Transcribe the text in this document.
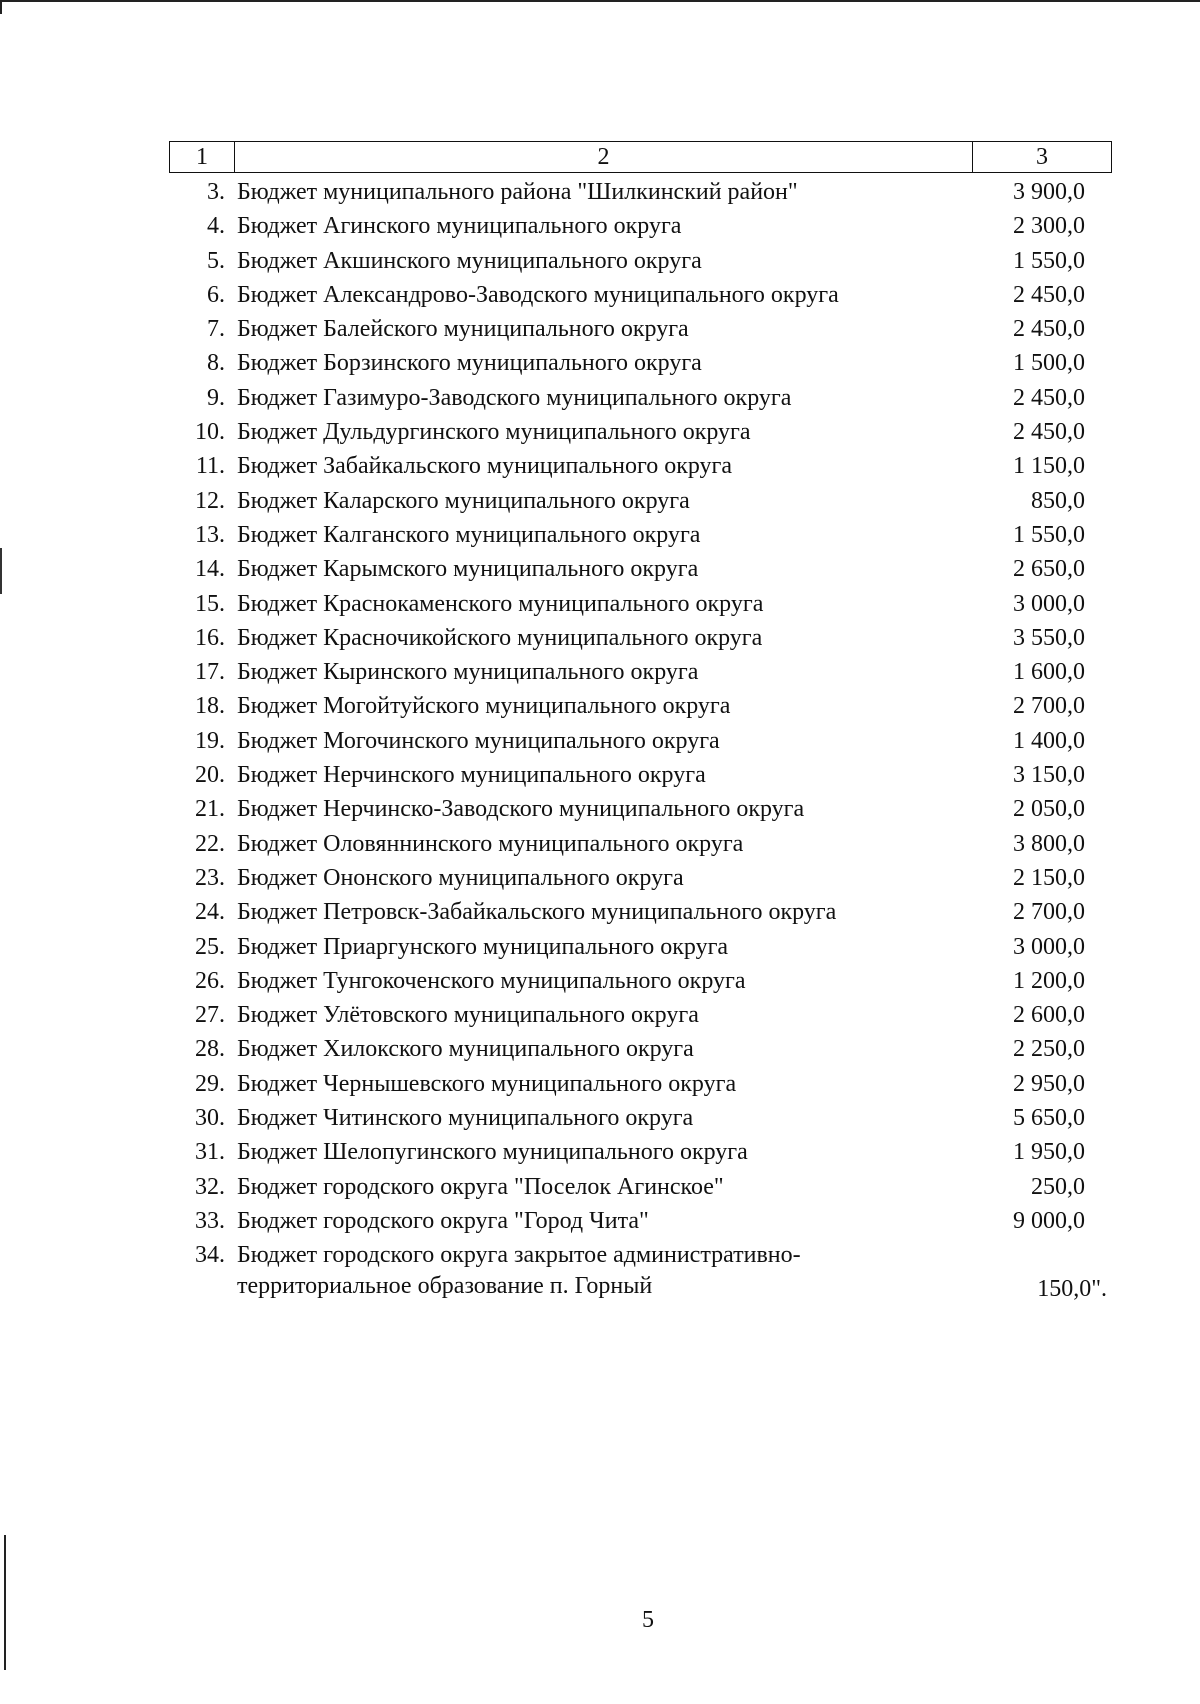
1	2	3
3. Бюджет муниципального района "Шилкинский район"	3 900,0
4. Бюджет Агинского муниципального округа	2 300,0
5. Бюджет Акшинского муниципального округа	1 550,0
6. Бюджет Александрово-Заводского муниципального округа	2 450,0
7. Бюджет Балейского муниципального округа	2 450,0
8. Бюджет Борзинского муниципального округа	1 500,0
9. Бюджет Газимуро-Заводского муниципального округа	2 450,0
10. Бюджет Дульдургинского муниципального округа	2 450,0
11. Бюджет Забайкальского муниципального округа	1 150,0
12. Бюджет Каларского муниципального округа	850,0
13. Бюджет Калганского муниципального округа	1 550,0
14. Бюджет Карымского муниципального округа	2 650,0
15. Бюджет Краснокаменского муниципального округа	3 000,0
16. Бюджет Красночикойского муниципального округа	3 550,0
17. Бюджет Кыринского муниципального округа	1 600,0
18. Бюджет Могойтуйского муниципального округа	2 700,0
19. Бюджет Могочинского муниципального округа	1 400,0
20. Бюджет Нерчинского муниципального округа	3 150,0
21. Бюджет Нерчинско-Заводского муниципального округа	2 050,0
22. Бюджет Оловяннинского муниципального округа	3 800,0
23. Бюджет Ононского муниципального округа	2 150,0
24. Бюджет Петровск-Забайкальского муниципального округа	2 700,0
25. Бюджет Приаргунского муниципального округа	3 000,0
26. Бюджет Тунгокоченского муниципального округа	1 200,0
27. Бюджет Улётовского муниципального округа	2 600,0
28. Бюджет Хилокского муниципального округа	2 250,0
29. Бюджет Чернышевского муниципального округа	2 950,0
30. Бюджет Читинского муниципального округа	5 650,0
31. Бюджет Шелопугинского муниципального округа	1 950,0
32. Бюджет городского округа "Поселок Агинское"	250,0
33. Бюджет городского округа "Город Чита"	9 000,0
34. Бюджет городского округа закрытое административно-
территориальное образование п. Горный	150,0".
5
